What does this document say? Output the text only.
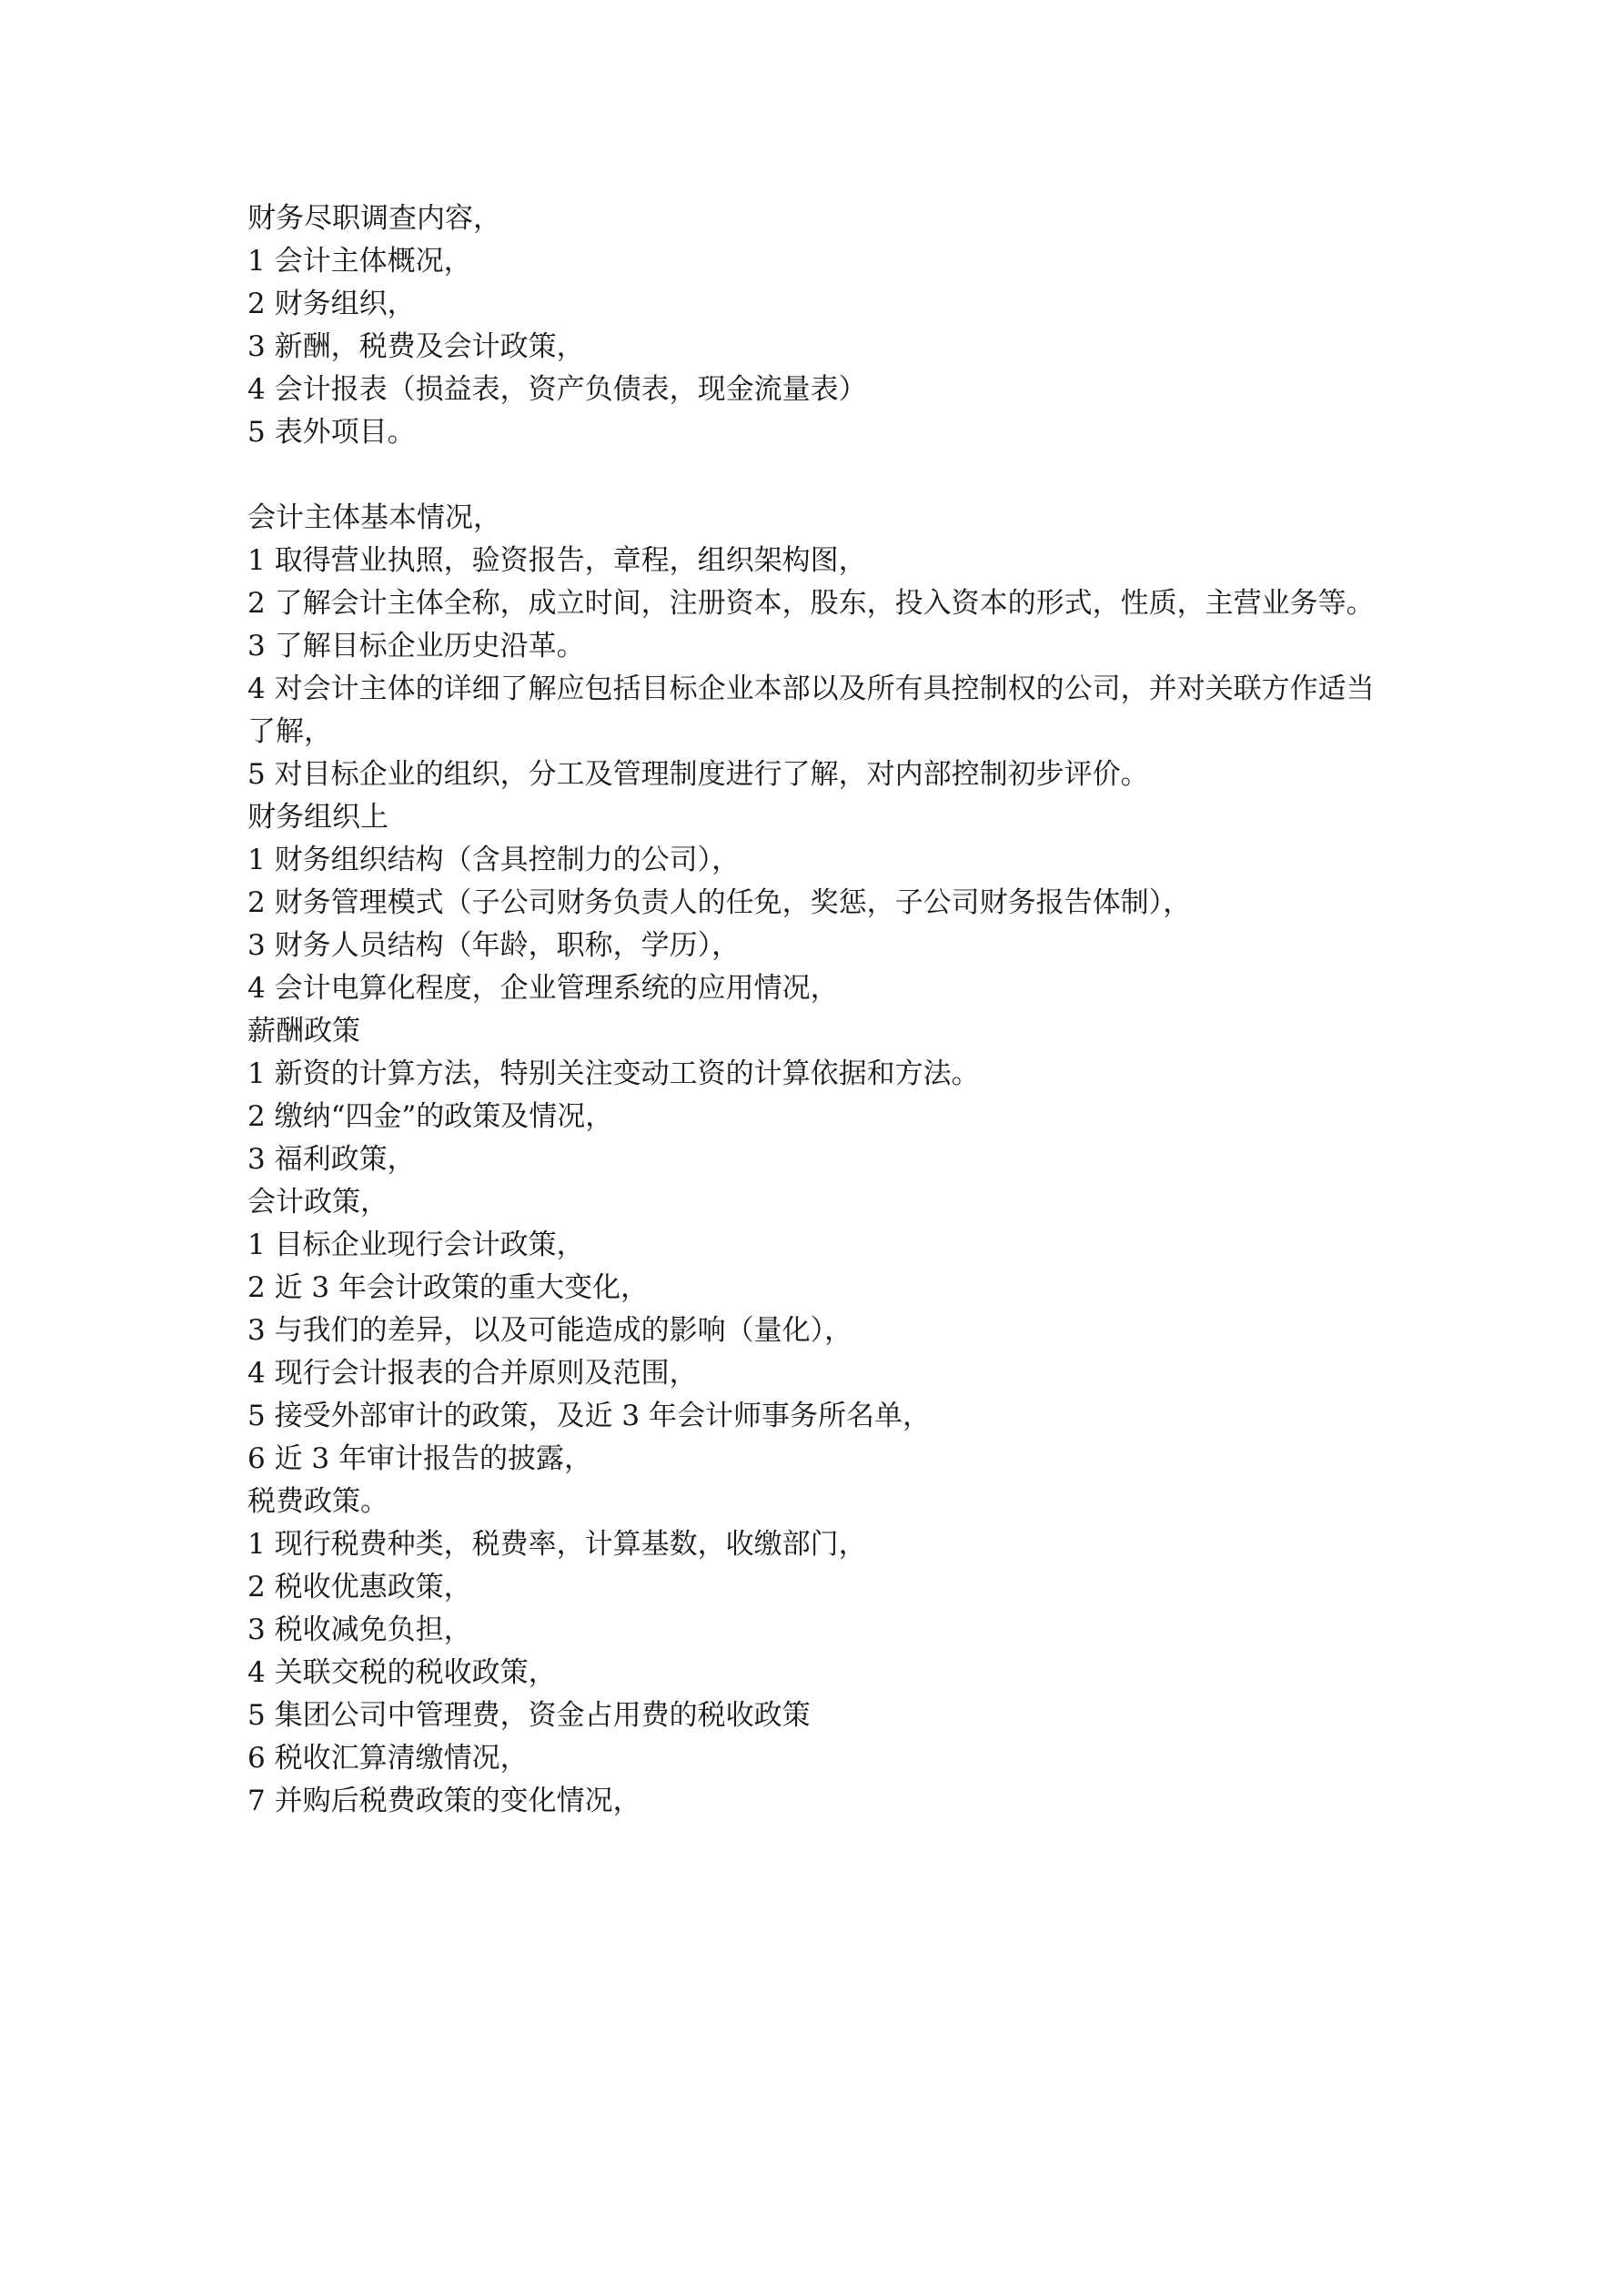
财务尽职调查内容，
1 会计主体概况，
2 财务组织，
3 新酬，税费及会计政策，
4 会计报表（损益表，资产负债表，现金流量表）
5 表外项目。
会计主体基本情况，
1 取得营业执照，验资报告，章程，组织架构图，
2 了解会计主体全称，成立时间，注册资本，股东，投入资本的形式，性质，主营业务等。
3 了解目标企业历史沿革。
4 对会计主体的详细了解应包括目标企业本部以及所有具控制权的公司，并对关联方作适当
了解，
5 对目标企业的组织，分工及管理制度进行了解，对内部控制初步评价。
财务组织上
1 财务组织结构（含具控制力的公司），
2 财务管理模式（子公司财务负责人的任免，奖惩，子公司财务报告体制），
3 财务人员结构（年龄，职称，学历），
4 会计电算化程度，企业管理系统的应用情况，
薪酬政策
1 新资的计算方法，特别关注变动工资的计算依据和方法。
2 缴纳“四金”的政策及情况，
3 福利政策，
会计政策，
1 目标企业现行会计政策，
2 近 3 年会计政策的重大变化，
3 与我们的差异，以及可能造成的影响（量化），
4 现行会计报表的合并原则及范围，
5 接受外部审计的政策，及近 3 年会计师事务所名单，
6 近 3 年审计报告的披露，
税费政策。
1 现行税费种类，税费率，计算基数，收缴部门，
2 税收优惠政策，
3 税收减免负担，
4 关联交税的税收政策，
5 集团公司中管理费，资金占用费的税收政策
6 税收汇算清缴情况，
7 并购后税费政策的变化情况，
